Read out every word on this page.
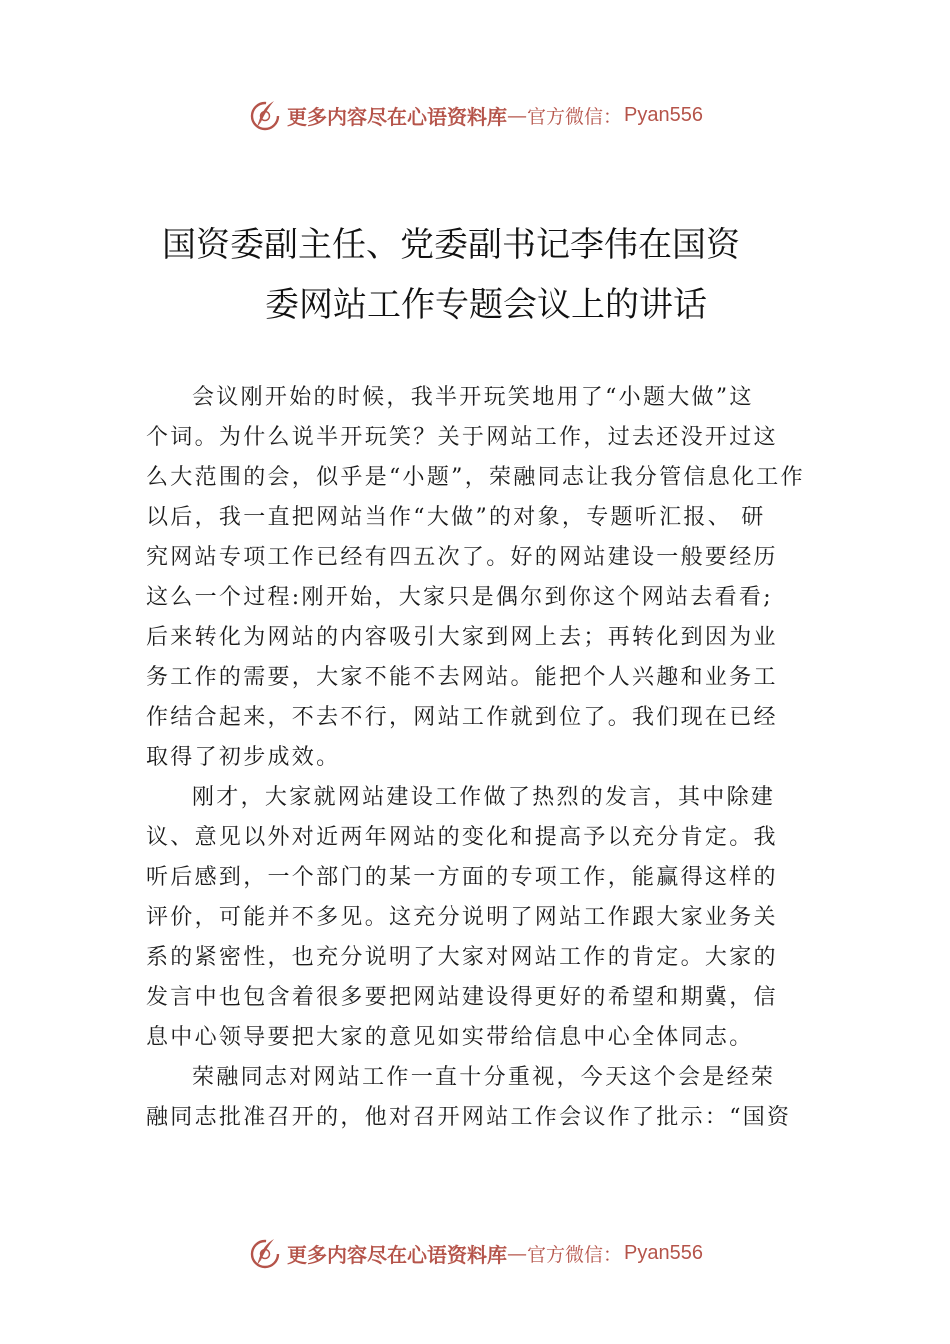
更多内容尽在心语资料库 — 官方微信： Pyan556
国资委副主任、党委副书记李伟在国资
委网站工作专题会议上的讲话
会议刚开始的时候，我半开玩笑地用了“小题大做”这
个词。为什么说半开玩笑？关于网站工作，过去还没开过这
么大范围的会，似乎是“小题”，荣融同志让我分管信息化工作
以后，我一直把网站当作“大做”的对象，专题听汇报、 研
究网站专项工作已经有四五次了。好的网站建设一般要经历
这么一个过程:刚开始，大家只是偶尔到你这个网站去看看;
后来转化为网站的内容吸引大家到网上去；再转化到因为业
务工作的需要，大家不能不去网站。能把个人兴趣和业务工
作结合起来，不去不行，网站工作就到位了。我们现在已经
取得了初步成效。
刚才，大家就网站建设工作做了热烈的发言，其中除建
议、意见以外对近两年网站的变化和提高予以充分肯定。我
听后感到，一个部门的某一方面的专项工作，能赢得这样的
评价，可能并不多见。这充分说明了网站工作跟大家业务关
系的紧密性，也充分说明了大家对网站工作的肯定。大家的
发言中也包含着很多要把网站建设得更好的希望和期冀，信
息中心领导要把大家的意见如实带给信息中心全体同志。
荣融同志对网站工作一直十分重视，今天这个会是经荣
融同志批准召开的，他对召开网站工作会议作了批示：“国资
更多内容尽在心语资料库 — 官方微信： Pyan556
